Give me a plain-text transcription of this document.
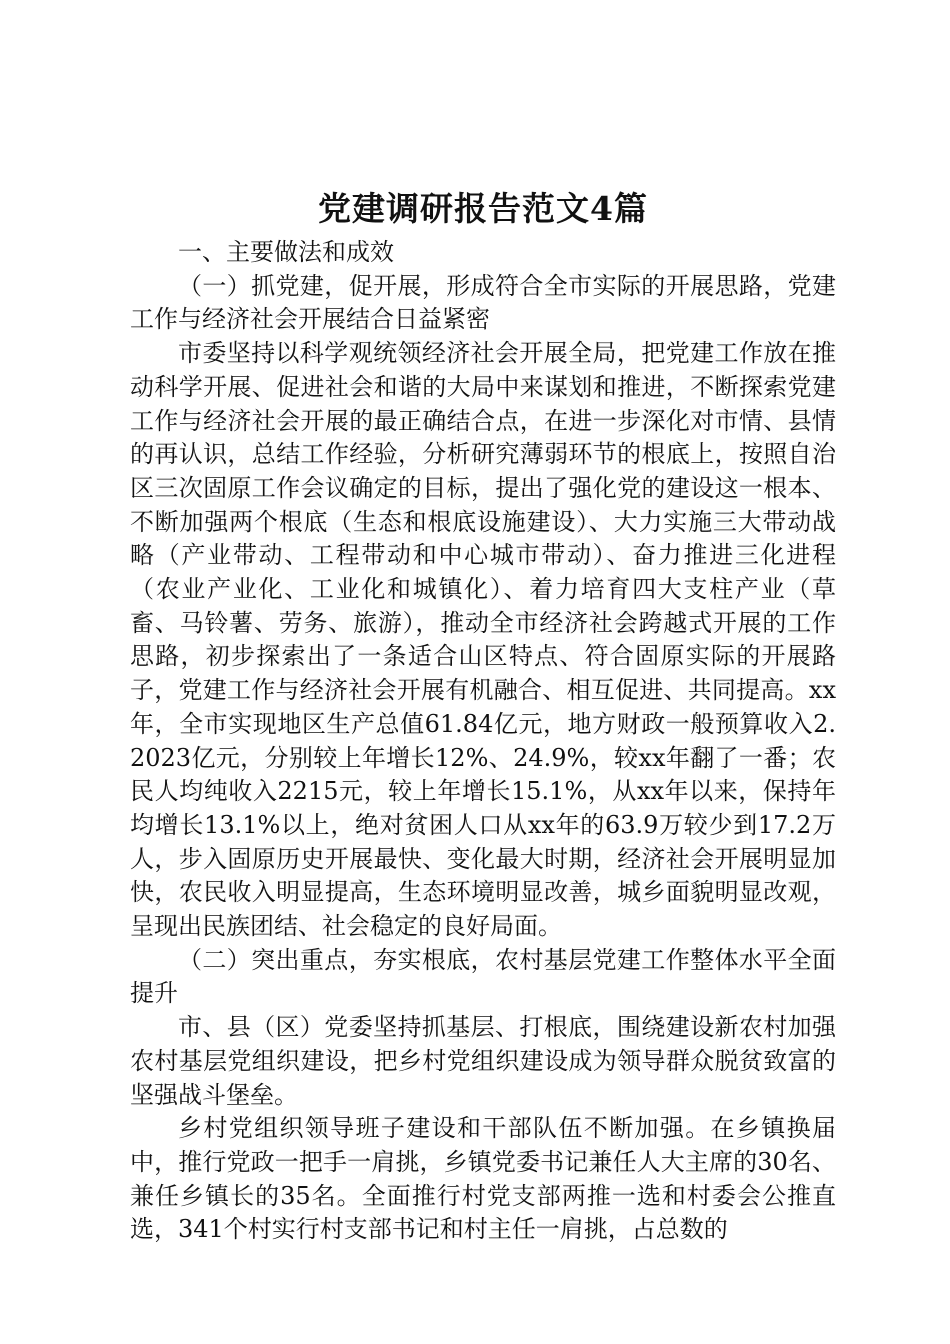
党建调研报告范文4篇

一、主要做法和成效

（一）抓党建，促开展，形成符合全市实际的开展思路，党建工作与经济社会开展结合日益紧密

市委坚持以科学观统领经济社会开展全局，把党建工作放在推动科学开展、促进社会和谐的大局中来谋划和推进，不断探索党建工作与经济社会开展的最正确结合点，在进一步深化对市情、县情的再认识，总结工作经验，分析研究薄弱环节的根底上，按照自治区三次固原工作会议确定的目标，提出了强化党的建设这一根本、不断加强两个根底（生态和根底设施建设）、大力实施三大带动战略（产业带动、工程带动和中心城市带动）、奋力推进三化进程（农业产业化、工业化和城镇化）、着力培育四大支柱产业（草畜、马铃薯、劳务、旅游），推动全市经济社会跨越式开展的工作思路，初步探索出了一条适合山区特点、符合固原实际的开展路子，党建工作与经济社会开展有机融合、相互促进、共同提高。xx年，全市实现地区生产总值61.84亿元，地方财政一般预算收入2.2023亿元，分别较上年增长12%、24.9%，较xx年翻了一番；农民人均纯收入2215元，较上年增长15.1%，从xx年以来，保持年均增长13.1%以上，绝对贫困人口从xx年的63.9万较少到17.2万人，步入固原历史开展最快、变化最大时期，经济社会开展明显加快，农民收入明显提高，生态环境明显改善，城乡面貌明显改观，呈现出民族团结、社会稳定的良好局面。

（二）突出重点，夯实根底，农村基层党建工作整体水平全面提升

市、县（区）党委坚持抓基层、打根底，围绕建设新农村加强农村基层党组织建设，把乡村党组织建设成为领导群众脱贫致富的坚强战斗堡垒。

乡村党组织领导班子建设和干部队伍不断加强。在乡镇换届中，推行党政一把手一肩挑，乡镇党委书记兼任人大主席的30名、兼任乡镇长的35名。全面推行村党支部两推一选和村委会公推直选，341个村实行村支部书记和村主任一肩挑，占总数的
